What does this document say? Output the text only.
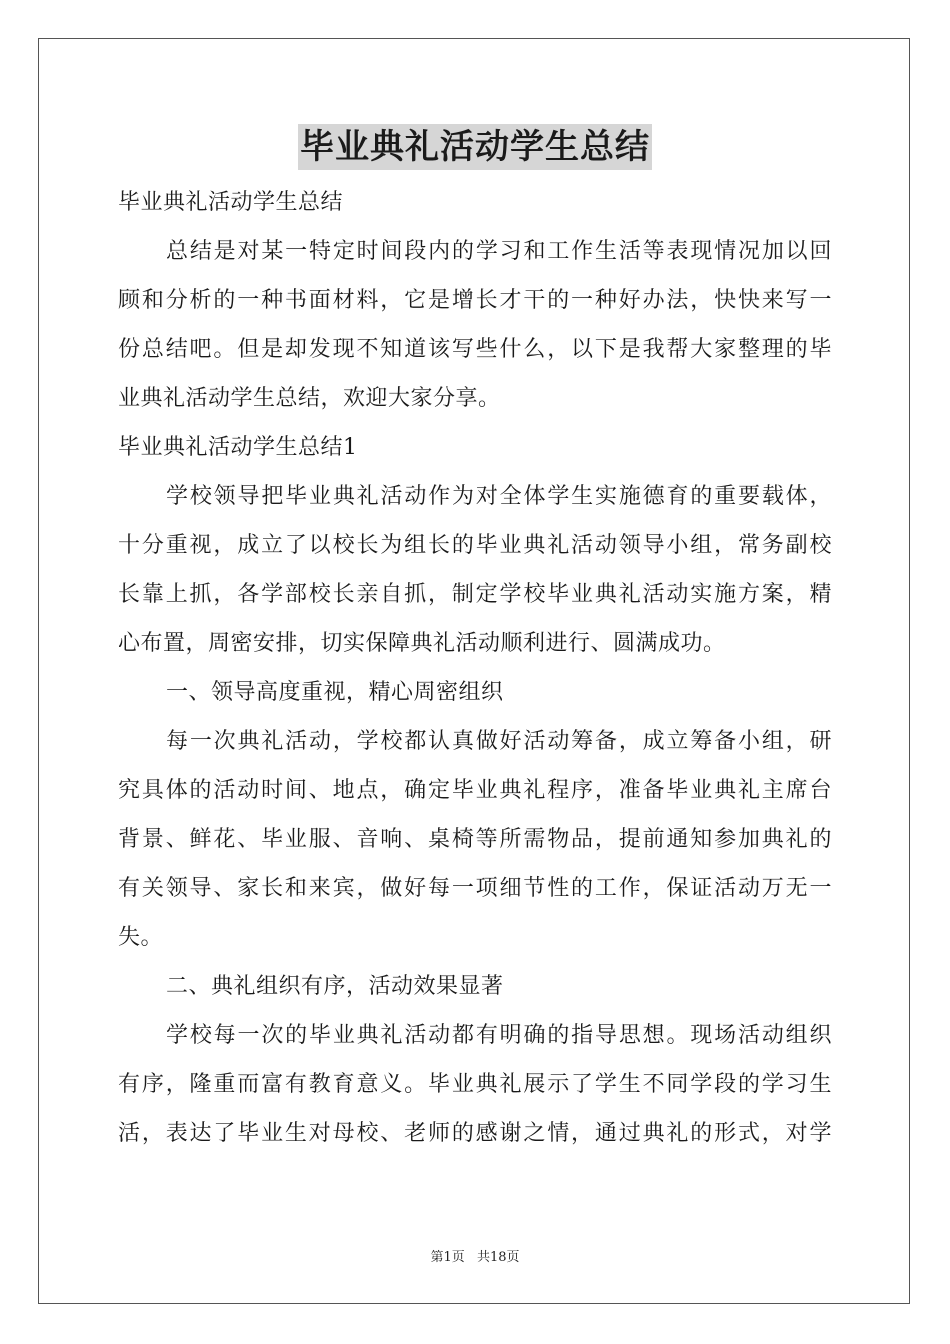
毕业典礼活动学生总结
毕业典礼活动学生总结
总结是对某一特定时间段内的学习和工作生活等表现情况加以回
顾和分析的一种书面材料，它是增长才干的一种好办法，快快来写一
份总结吧。但是却发现不知道该写些什么，以下是我帮大家整理的毕
业典礼活动学生总结，欢迎大家分享。
毕业典礼活动学生总结1
学校领导把毕业典礼活动作为对全体学生实施德育的重要载体，
十分重视，成立了以校长为组长的毕业典礼活动领导小组，常务副校
长靠上抓，各学部校长亲自抓，制定学校毕业典礼活动实施方案，精
心布置，周密安排，切实保障典礼活动顺利进行、圆满成功。
一、领导高度重视，精心周密组织
每一次典礼活动，学校都认真做好活动筹备，成立筹备小组，研
究具体的活动时间、地点，确定毕业典礼程序，准备毕业典礼主席台
背景、鲜花、毕业服、音响、桌椅等所需物品，提前通知参加典礼的
有关领导、家长和来宾，做好每一项细节性的工作，保证活动万无一
失。
二、典礼组织有序，活动效果显著
学校每一次的毕业典礼活动都有明确的指导思想。现场活动组织
有序，隆重而富有教育意义。毕业典礼展示了学生不同学段的学习生
活，表达了毕业生对母校、老师的感谢之情，通过典礼的形式，对学
第1页 共18页
